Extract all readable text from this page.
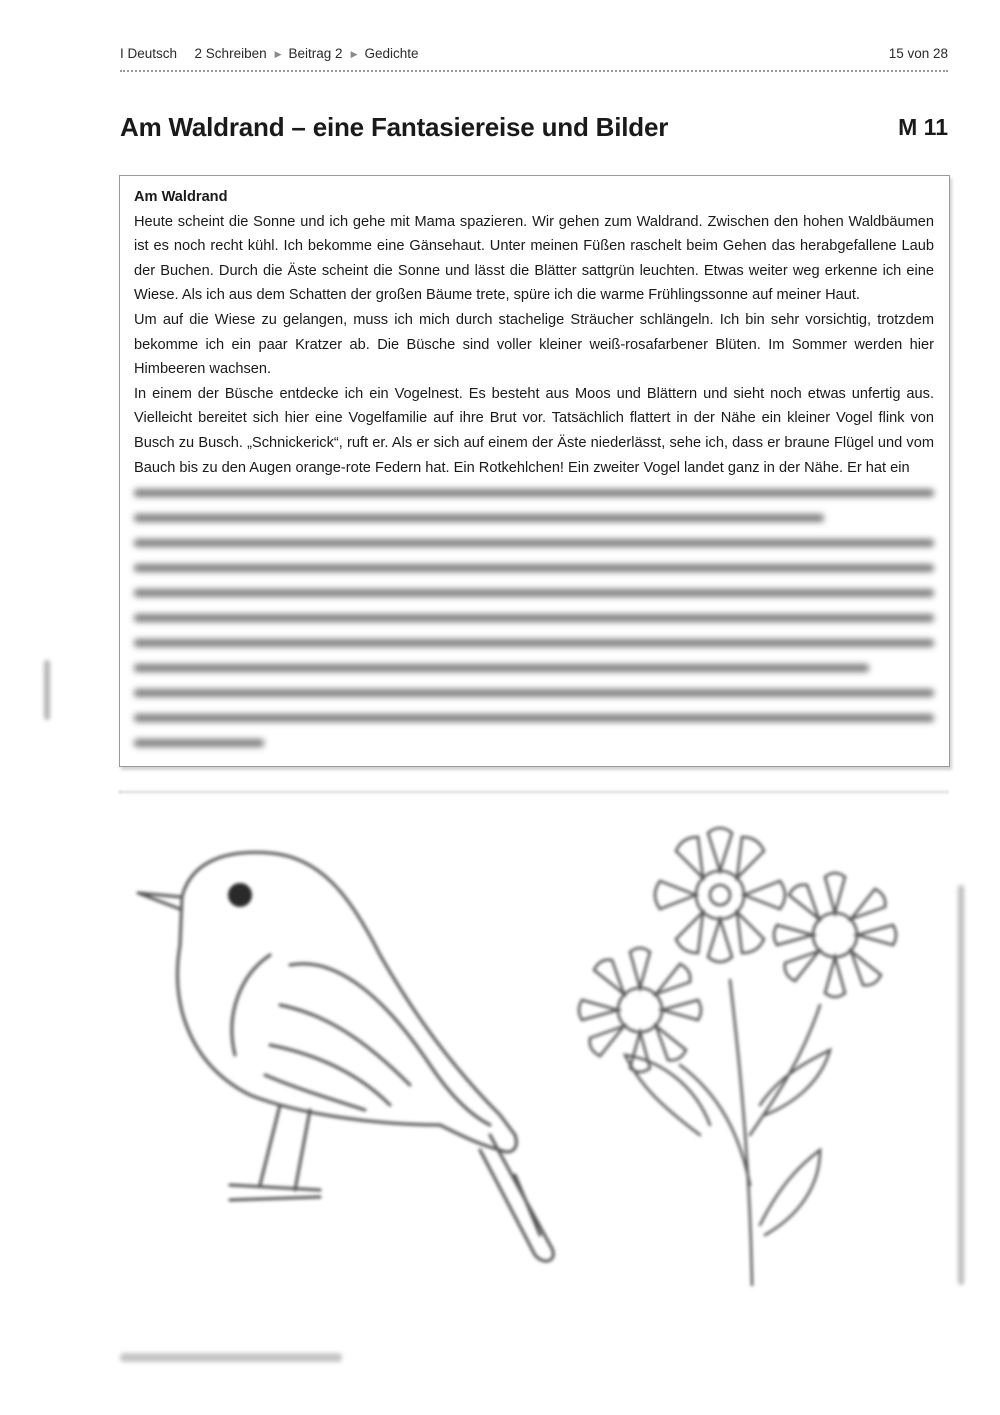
I Deutsch 2 Schreiben ▶ Beitrag 2 ▶ Gedichte	15 von 28
Am Waldrand – eine Fantasiereise und Bilder	M 11

Am Waldrand

Heute scheint die Sonne und ich gehe mit Mama spazieren. Wir gehen zum Waldrand. Zwischen den hohen Waldbäumen ist es noch recht kühl. Ich bekomme eine Gänsehaut. Unter meinen Füßen raschelt beim Gehen das herabgefallene Laub der Buchen. Durch die Äste scheint die Sonne und lässt die Blätter sattgrün leuchten. Etwas weiter weg erkenne ich eine Wiese. Als ich aus dem Schatten der großen Bäume trete, spüre ich die warme Frühlingssonne auf meiner Haut.

Um auf die Wiese zu gelangen, muss ich mich durch stachelige Sträucher schlängeln. Ich bin sehr vorsichtig, trotzdem bekomme ich ein paar Kratzer ab. Die Büsche sind voller kleiner weiß-rosafarbener Blüten. Im Sommer werden hier Himbeeren wachsen.

In einem der Büsche entdecke ich ein Vogelnest. Es besteht aus Moos und Blättern und sieht noch etwas unfertig aus. Vielleicht bereitet sich hier eine Vogelfamilie auf ihre Brut vor. Tatsächlich flattert in der Nähe ein kleiner Vogel flink von Busch zu Busch. „Schnickerick“, ruft er. Als er sich auf einem der Äste niederlässt, sehe ich, dass er braune Flügel und vom Bauch bis zu den Augen orange-rote Federn hat. Ein Rotkehlchen! Ein zweiter Vogel landet ganz in der Nähe. Er hat ein
